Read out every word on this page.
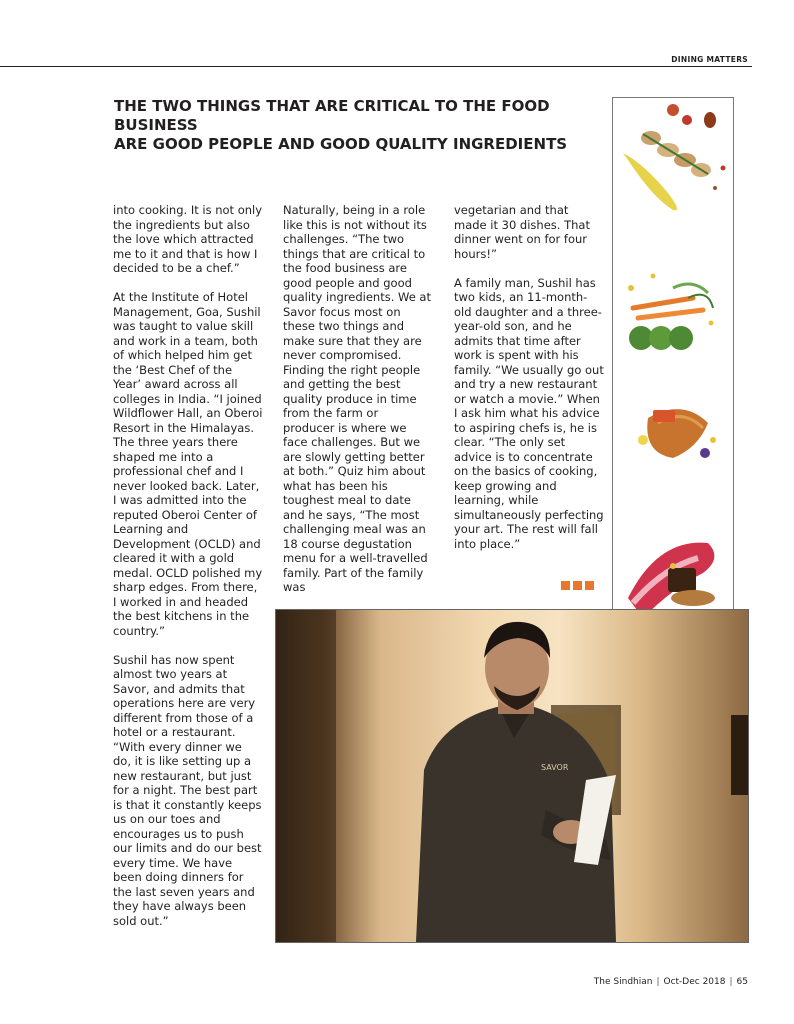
DINING MATTERS
THE TWO THINGS THAT ARE CRITICAL TO THE FOOD BUSINESS
ARE GOOD PEOPLE AND GOOD QUALITY INGREDIENTS

into cooking. It is not only the ingredients but also the love which attracted me to it and that is how I decided to be a chef.”

At the Institute of Hotel Management, Goa, Sushil was taught to value skill and work in a team, both of which helped him get the ‘Best Chef of the Year’ award across all colleges in India. “I joined Wildflower Hall, an Oberoi Resort in the Himalayas. The three years there shaped me into a professional chef and I never looked back. Later, I was admitted into the reputed Oberoi Center of Learning and Development (OCLD) and cleared it with a gold medal. OCLD polished my sharp edges. From there, I worked in and headed the best kitchens in the country.”

Sushil has now spent almost two years at Savor, and admits that operations here are very different from those of a hotel or a restaurant. “With every dinner we do, it is like setting up a new restaurant, but just for a night. The best part is that it constantly keeps us on our toes and encourages us to push our limits and do our best every time. We have been doing dinners for the last seven years and they have always been sold out.”

Naturally, being in a role like this is not without its challenges. “The two things that are critical to the food business are good people and good quality ingredients. We at Savor focus most on these two things and make sure that they are never compromised. Finding the right people and getting the best quality produce in time from the farm or producer is where we face challenges. But we are slowly getting better at both.” Quiz him about what has been his toughest meal to date and he says, “The most challenging meal was an 18 course degustation menu for a well-travelled family. Part of the family was

vegetarian and that made it 30 dishes. That dinner went on for four hours!”

A family man, Sushil has two kids, an 11-month-old daughter and a three-year-old son, and he admits that time after work is spent with his family. “We usually go out and try a new restaurant or watch a movie.” When I ask him what his advice to aspiring chefs is, he is clear. “The only set advice is to concentrate on the basics of cooking, keep growing and learning, while simultaneously perfecting your art. The rest will fall into place.”

SAVOR
The Sindhian | Oct-Dec 2018 | 65
